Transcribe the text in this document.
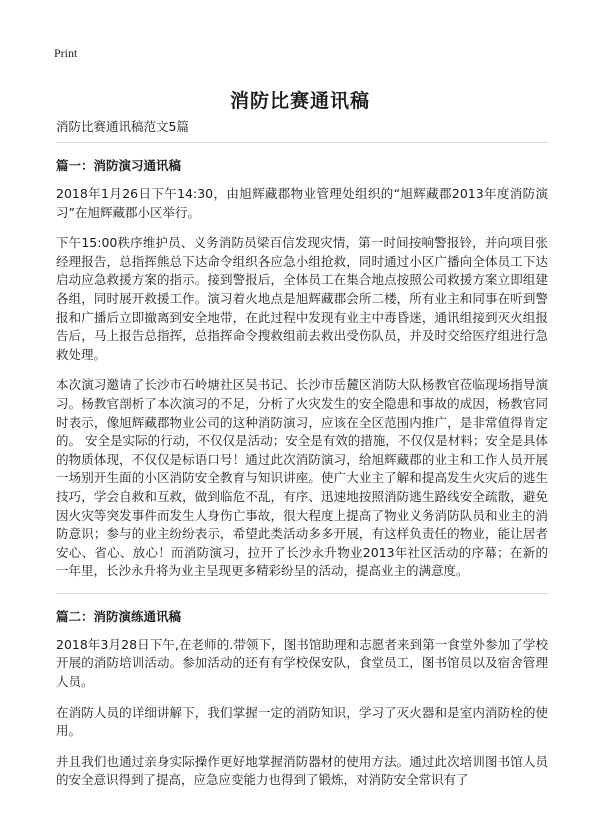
Print
消防比赛通讯稿

消防比赛通讯稿范文5篇

篇一：消防演习通讯稿

2018年1月26日下午14:30，由旭辉藏郡物业管理处组织的“旭辉藏郡2013年度消防演习”在旭辉藏郡小区举行。

下午15:00秩序维护员、义务消防员梁百信发现灾情，第一时间按响警报铃，并向项目张经理报告，总指挥熊总下达命令组织各应急小组抢救，同时通过小区广播向全体员工下达启动应急救援方案的指示。接到警报后，全体员工在集合地点按照公司救援方案立即组建各组，同时展开救援工作。演习着火地点是旭辉藏郡会所二楼，所有业主和同事在听到警报和广播后立即撤离到安全地带，在此过程中发现有业主中毒昏迷，通讯组接到灭火组报告后，马上报告总指挥，总指挥命令搜救组前去救出受伤队员，并及时交给医疗组进行急救处理。

本次演习邀请了长沙市石岭塘社区吴书记、长沙市岳麓区消防大队杨教官莅临现场指导演习。杨教官剖析了本次演习的不足，分析了火灾发生的安全隐患和事故的成因，杨教官同时表示，像旭辉藏郡物业公司的这种消防演习，应该在全区范围内推广，是非常值得肯定的。 安全是实际的行动，不仅仅是活动；安全是有效的措施，不仅仅是材料；安全是具体的物质体现，不仅仅是标语口号！通过此次消防演习，给旭辉藏郡的业主和工作人员开展一场别开生面的小区消防安全教育与知识讲座。使广大业主了解和提高发生火灾后的逃生技巧，学会自救和互救，做到临危不乱，有序、迅速地按照消防逃生路线安全疏散，避免因火灾等突发事件而发生人身伤亡事故，很大程度上提高了物业义务消防队员和业主的消防意识；参与的业主纷纷表示，希望此类活动多多开展，有这样负责任的物业，能让居者安心、省心、放心！而消防演习，拉开了长沙永升物业2013年社区活动的序幕；在新的一年里，长沙永升将为业主呈现更多精彩纷呈的活动，提高业主的满意度。

篇二：消防演练通讯稿

2018年3月28日下午,在老师的.带领下，图书馆助理和志愿者来到第一食堂外参加了学校开展的消防培训活动。参加活动的还有有学校保安队，食堂员工，图书馆员以及宿舍管理人员。

在消防人员的详细讲解下，我们掌握一定的消防知识，学习了灭火器和是室内消防栓的使用。

并且我们也通过亲身实际操作更好地掌握消防器材的使用方法。通过此次培训图书馆人员的安全意识得到了提高，应急应变能力也得到了锻炼，对消防安全常识有了
